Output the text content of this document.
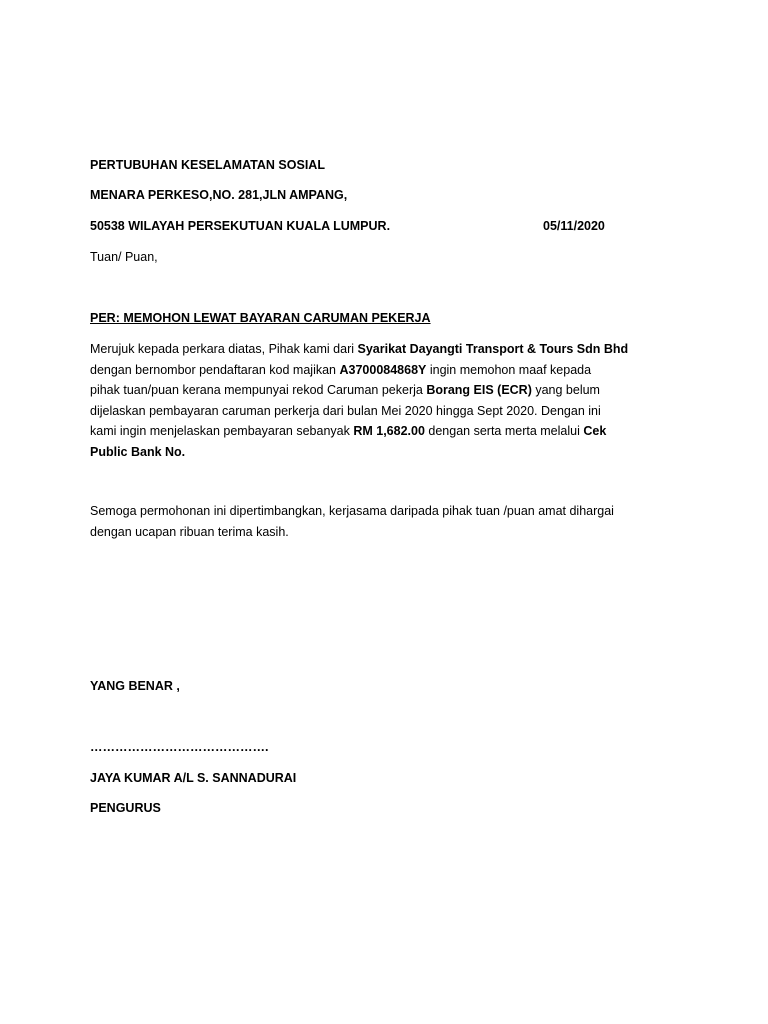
PERTUBUHAN KESELAMATAN SOSIAL
MENARA PERKESO,NO. 281,JLN AMPANG,
50538 WILAYAH PERSEKUTUAN KUALA LUMPUR.	05/11/2020
Tuan/ Puan,
PER: MEMOHON LEWAT BAYARAN CARUMAN PEKERJA
Merujuk kepada perkara diatas, Pihak kami dari Syarikat Dayangti Transport & Tours Sdn Bhd
dengan bernombor pendaftaran kod majikan A3700084868Y ingin memohon maaf kepada
pihak tuan/puan kerana mempunyai rekod Caruman pekerja Borang EIS (ECR) yang belum
dijelaskan pembayaran caruman perkerja dari bulan Mei 2020 hingga Sept 2020. Dengan ini
kami ingin menjelaskan pembayaran sebanyak RM 1,682.00 dengan serta merta melalui Cek
Public Bank No.
Semoga permohonan ini dipertimbangkan, kerjasama daripada pihak tuan /puan amat dihargai
dengan ucapan ribuan terima kasih.
YANG BENAR ,
…………………………………….
JAYA KUMAR A/L S. SANNADURAI
PENGURUS
